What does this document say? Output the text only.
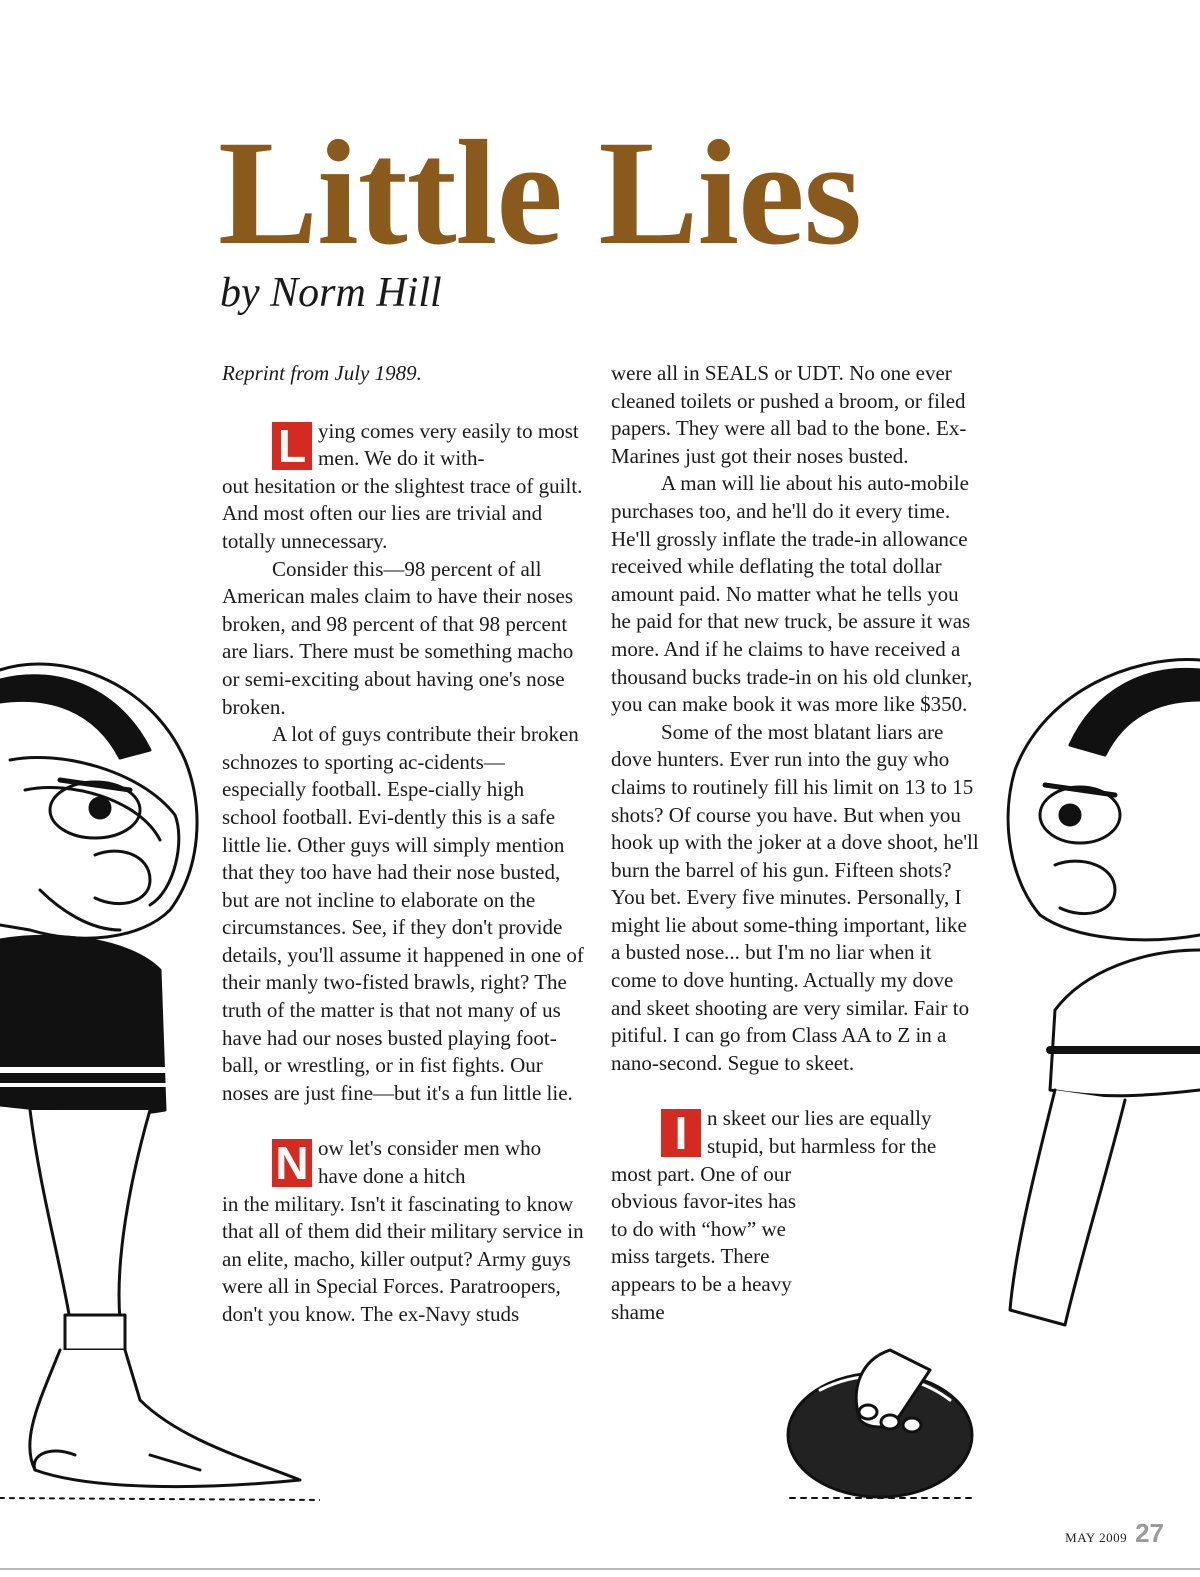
Little Lies
by Norm Hill

Reprint from July 1989.

L ying comes very easily to most men. We do it with-

out hesitation or the slightest trace of guilt. And most often our lies are trivial and totally unnecessary.

Consider this—98 percent of all American males claim to have their noses broken, and 98 percent of that 98 percent are liars. There must be something macho or semi-exciting about having one's nose broken.

A lot of guys contribute their broken schnozes to sporting ac-cidents—especially football. Espe-cially high school football. Evi-dently this is a safe little lie. Other guys will simply mention that they too have had their nose busted, but are not incline to elaborate on the circumstances. See, if they don't provide details, you'll assume it happened in one of their manly two-fisted brawls, right? The truth of the matter is that not many of us have had our noses busted playing foot-ball, or wrestling, or in fist fights. Our noses are just fine—but it's a fun little lie.

N ow let's consider men who have done a hitch

in the military. Isn't it fascinating to know that all of them did their military service in an elite, macho, killer output? Army guys were all in Special Forces. Paratroopers, don't you know. The ex-Navy studs

were all in SEALS or UDT. No one ever cleaned toilets or pushed a broom, or filed papers. They were all bad to the bone. Ex-Marines just got their noses busted.

A man will lie about his auto-mobile purchases too, and he'll do it every time. He'll grossly inflate the trade-in allowance received while deflating the total dollar amount paid. No matter what he tells you he paid for that new truck, be assure it was more. And if he claims to have received a thousand bucks trade-in on his old clunker, you can make book it was more like $350.

Some of the most blatant liars are dove hunters. Ever run into the guy who claims to routinely fill his limit on 13 to 15 shots? Of course you have. But when you hook up with the joker at a dove shoot, he'll burn the barrel of his gun. Fifteen shots? You bet. Every five minutes. Personally, I might lie about some-thing important, like a busted nose... but I'm no liar when it come to dove hunting. Actually my dove and skeet shooting are very similar. Fair to pitiful. I can go from Class AA to Z in a nano-second. Segue to skeet.

I n skeet our lies are equally stupid, but harmless for the

most part. One of our obvious favor-ites has to do with “how” we miss targets. There appears to be a heavy shame

MAY 2009 27
